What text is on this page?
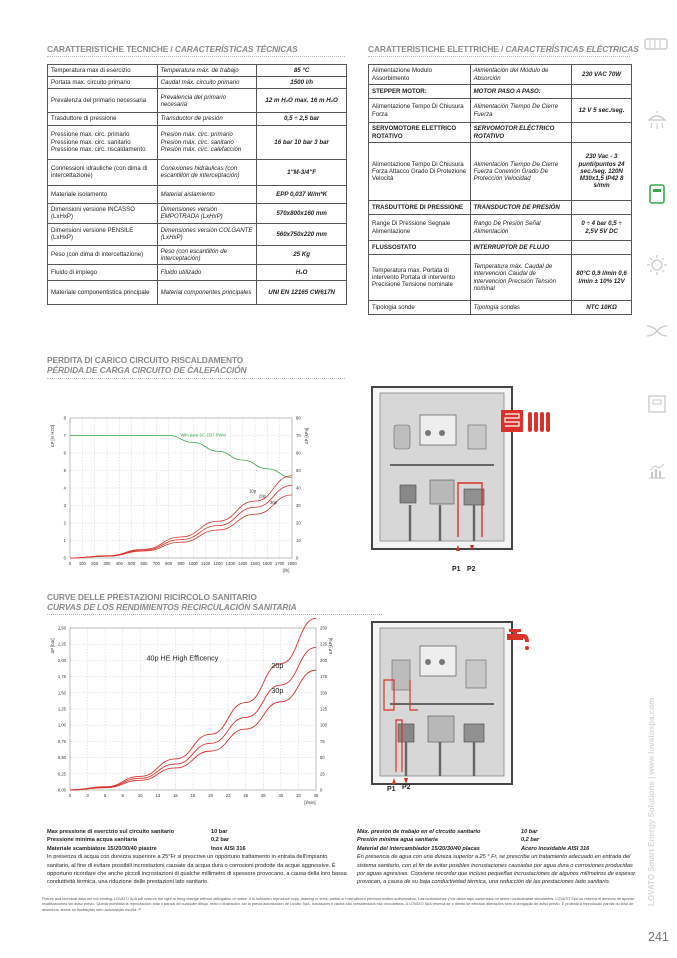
CARATTERISTICHE TECNICHE / CARACTERÍSTICAS TÉCNICAS	CARATTERISTICHE ELETTRICHE / CARACTERÍSTICAS ELÉCTRICAS
Temperatura max di esercizio	Temperatura máx. de trabajo	85 °C
Portata max. circuito primario	Caudal máx. circuito primario	1500 l/h
Prevalenza del primario necessaria	Prevalencia del primario necesaria	12 m H₂O max. 16 m H₂O
Trasduttore di pressione	Transductor de presión	0,5 ÷ 2,5 bar
Pressione max. circ. primario Pressione max. circ. sanitario Pressione max. circ. riscaldamento	Presión máx. circ. primario Presión máx. circ. sanitario Presión máx. circ. calefacción	16 bar 10 bar 3 bar
Connessioni idrauliche (con dima di intercettazione)	Conexiones hidráulicas (con escantillón de interceptación)	1"M-3/4"F
Materiale isolamento	Material aislamiento	EPP 0,037 W/m*K
Dimensioni versione INCASSO (LxHxP)	Dimensiones versión EMPOTRADA (LxHxP)	570x800x160 mm
Dimensioni versione PENSILE (LxHxP)	Dimensiones versión COLGANTE (LxHxP)	560x750x220 mm
Peso (con dima di intercettazione)	Peso (con escantillón de interceptación)	25 Kg
Fluido di impiego	Fluido utilizado	H₂O
Materiale componentistica principale	Material componentes principales	UNI EN 12165 CW617N
Alimentazione Modulo Assorbimento	Alimentación del Módulo de Absorción	230 VAC 70W
STEPPER MOTOR:	MOTOR PASO A PASO:	
Alimentazione Tempo Di Chiusura Forza	Alimentación Tiempo De Cierre Fuerza	12 V 5 sec./seg.
SERVOMOTORE ELETTRICO ROTATIVO	SERVOMOTOR ELÉCTRICO ROTATIVO	
Alimentazione Tempo Di Chiusura Forza Attacco Grado Di Protezione Velocità	Alimentación Tiempo De Cierre Fuerza Conexión Grado De Protección Velocidad	230 Vac - 3 punti/puntos 24 sec./seg. 120N M30x1,5 IP42 8 s/mm
TRASDUTTORE DI PRESSIONE	TRANSDUCTOR DE PRESIÓN	
Range Di Pressione Segnale Alimentazione	Rango De Presión Señal Alimentación	0 ÷ 4 bar 0,5 ÷ 2,5V 5V DC
FLUSSOSTATO	INTERRUPTOR DE FLUJO	
Temperatura max. Portata di intervento Portata di intervento Precisione Tensione nominale	Temperatura máx. Caudal de intervención Caudal de intervención Precisión Tensión nominal	80°C 0,9 l/min 0,6 l/min ± 10% 12V
Tipologia sonde	Tipología sondas	NTC 10KΩ
PERDITA DI CARICO CIRCUITO RISCALDAMENTO
PÉRDIDA DE CARGA CIRCUITO DE CALEFACCIÓN
0	0
1	10
2	20
3	30
4	40
5	50
6	60
7	70
8	80
0 100 200 300 400 500 600 700 800 900 1000 1100 1200 1300 1400 1500 1600 1700 1800
[l/h]
ΔP [m H2O]	ΔP [kPa]
Wilo para SC 15/7 PWM
10p
20p
30p
CURVE DELLE PRESTAZIONI RICIRCOLO SANITARIO
CURVAS DE LOS RENDIMIENTOS RECIRCULACIÓN SANITARIA
0,00	0
0,25	25
0,50	50
0,75	75
1,00	100
1,25	125
1,50	150
1,75	175
2,00	200
2,25	225
2,50	250
0	3	5	8	10	13	15	18	20	23	25	28	30	33	35
[l/min]
ΔP [bar]	ΔP [kPa]
40p HE High Efficency
20p
30p
P1 P2
P1 P2
Max pressione di esercizio sul circuito sanitario	10 bar
Pressione minima acqua sanitaria	0,2 bar
Materiale scambiatore 15/20/30/40 piastre	Inox AISI 316
In presenza di acqua con durezza superiore a 25°Fr si prescrive un opportuno trattamento in entrata dell'impianto sanitario, al fine di evitare possibili incrostazioni causate da acqua dura o corrosioni prodotte da acque aggressive. È opportuno ricordare che anche piccoli incrostazioni di qualche millimetro di spessore provocano, a causa della loro bassa conduttività termica, una riduzione delle prestazioni lato sanitario.
Máx. presión de trabajo en el circuito sanitario	10 bar
Presión mínima agua sanitaria	0,2 bar
Material del intercambiador 15/20/30/40 placas	Acero inoxidable AISI 316
En presencia de agua con una dureza superior a 25 ° Fr, se prescribe un tratamiento adecuado en entrada del sistema sanitario, con el fin de evitar posibles incrustaciones causadas por agua dura o corrosiones producidas por aguas agresivas. Conviene recordar que incluso pequeñas incrustaciones de algunos milímetros de espesor provocan, a causa de su baja conductividad térmica, una reducción de las prestaciones lado sanitario.
Picture and technical data are not binding. LOVATO SpA will reserve the right to bring change without obbligation of notice. It is forbidden reproduce copy, drawing or texts, partial or total without previous written authorization. Las ilustraciones y los datos aquí contenidos no deben considerarse vinculantes. LOVATO SpA se reserva el derecho de aportar modificaciones sin aviso previo. Queda prohibida la reproducción total o parcial de cualquier dibujo, texto o ilustración, sin la previa autorización de Lovato SpA. Ilustrações e dados são considerados não vinculativos. A LOVATO SpA reserva-se o direito de efectuar alterações sem a obrigação de aviso prévio. É proibida a reprodução parcial ou total de desenhos, textos ou ilustrações sem autorização escrita. P
LOVATO Smart Energy Solutions | www.lovatospa.com
241
